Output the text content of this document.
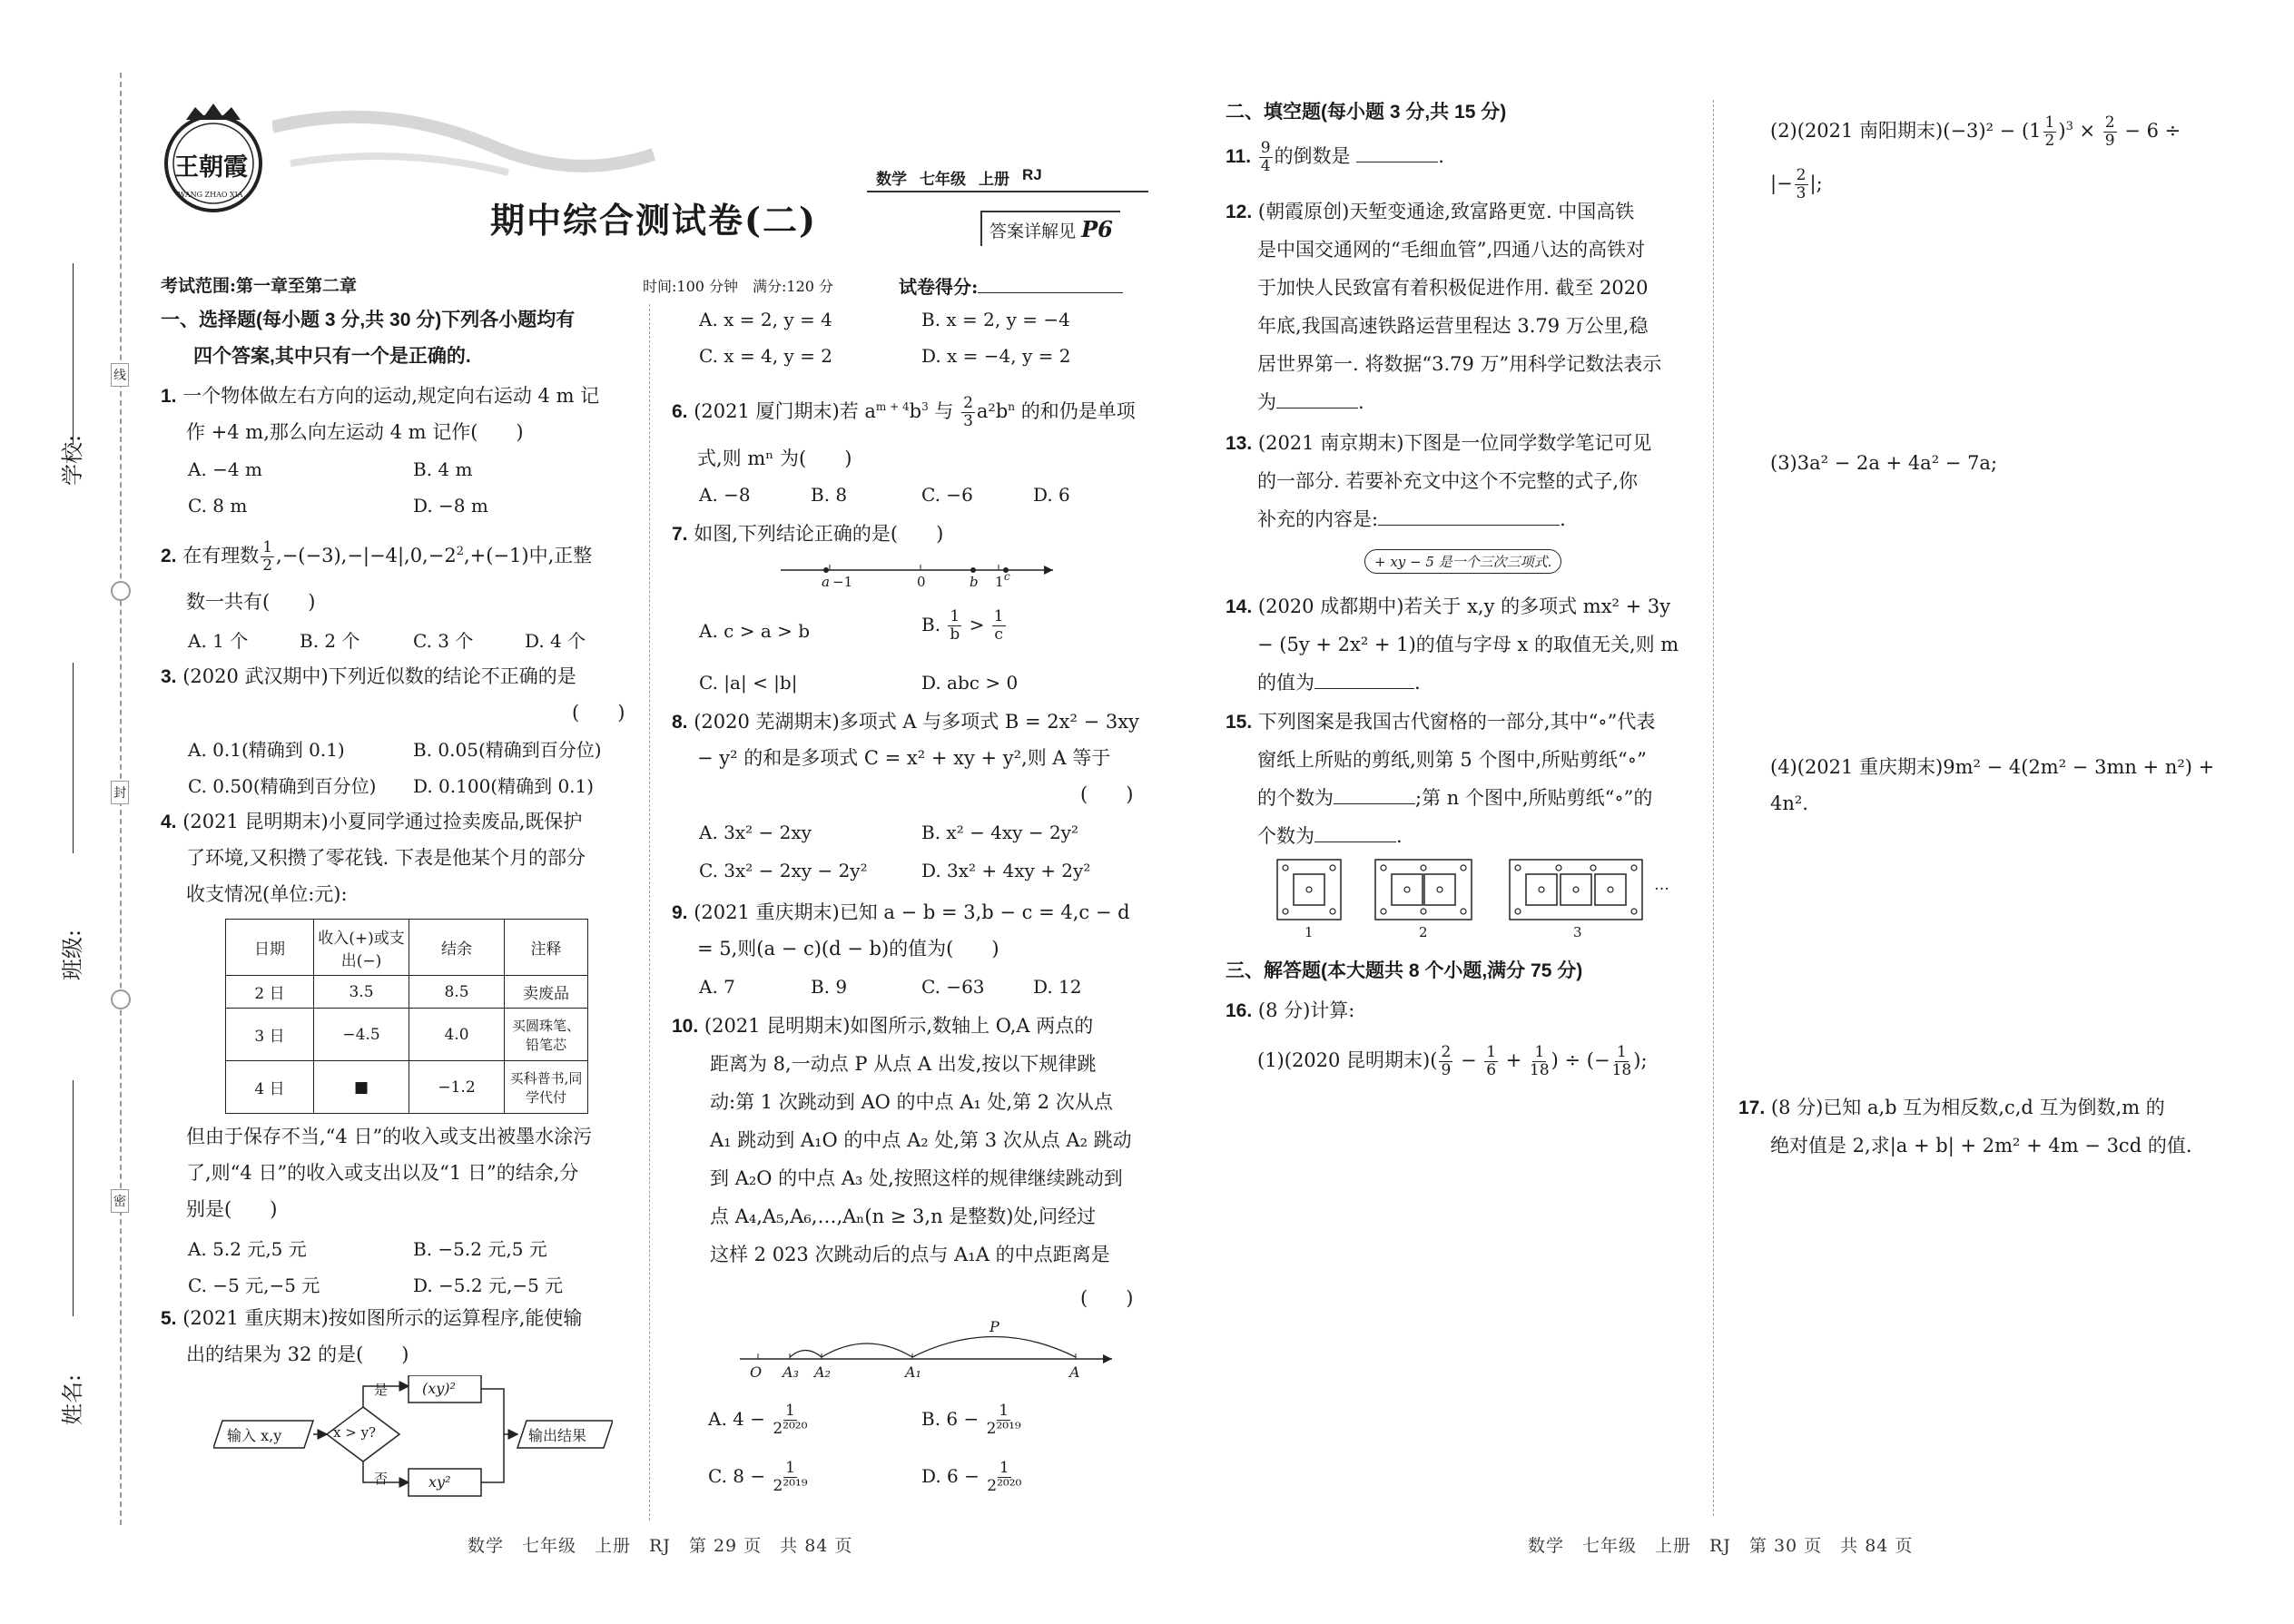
线
封
密
学校:
班级:
姓名:
王朝霞
WANG ZHAO XIA
数学 七年级 上册 RJ
期中综合测试卷(二)	答案详解见 P6
考试范围:第一章至第二章	时间:100 分钟　满分:120 分	试卷得分:
一、选择题(每小题 3 分,共 30 分)下列各小题均有
四个答案,其中只有一个是正确的.
1. 一个物体做左右方向的运动,规定向右运动 4 m 记
作 +4 m,那么向左运动 4 m 记作(　　)
A. −4 m	B. 4 m
C. 8 m	D. −8 m
2. 在有理数 $\frac{1}{2} ,-(-3),-|-4|,0,-2^2,+(-1)$中,正整
数一共有(　　)
A. 1 个	B. 2 个	C. 3 个	D. 4 个
3. (2020 武汉期中)下列近似数的结论不正确的是
(　　)
A. 0.1(精确到 0.1)	B. 0.05(精确到百分位)
C. 0.50(精确到百分位) D. 0.100(精确到 0.1)
4. (2021 昆明期末)小夏同学通过捡卖废品,既保护
了环境,又积攒了零花钱. 下表是他某个月的部分
收支情况(单位:元):
日期	收入(+)或支出(−)	结余	注释
2 日	3.5	8.5	卖废品
3 日	−4.5	4.0	买圆珠笔、铅笔芯
4 日	■	−1.2	买科普书,同学代付
但由于保存不当,“4 日”的收入或支出被墨水涂污
了,则“4 日”的收入或支出以及“1 日”的结余,分
别是(　　)
A. 5.2 元,5 元	B. −5.2 元,5 元
C. −5 元,−5 元	D. −5.2 元,−5 元
5. (2021 重庆期末)按如图所示的运算程序,能使输
出的结果为 32 的是(　　)
输入 x,y	x > y?
是
否
(xy)²
xy²
输出结果
A. x = 2, y = 4	B. x = 2, y = −4
C. x = 4, y = 2	D. x = −4, y = 2
6. (2021 厦门期末)若 $a^{m + 4}b^3$ 与 $\frac{2}{3} a^2b^n$ 的和仍是单项
式,则 mⁿ 为(　　)
A. −8	B. 8	C. −6	D. 6
7. 如图,下列结论正确的是(　　)
a −1	0	b 1 c
A. c > a > b	B. $\frac{1}{b} > \frac{1}{c}$
C. |a| < |b|	D. abc > 0
8. (2020 芜湖期末)多项式 A 与多项式 B = 2x² − 3xy
− y² 的和是多项式 C = x² + xy + y²,则 A 等于
(　　)
A. 3x² − 2xy	B. x² − 4xy − 2y²
C. 3x² − 2xy − 2y²	D. 3x² + 4xy + 2y²
9. (2021 重庆期末)已知 a − b = 3,b − c = 4,c − d
= 5,则(a − c)(d − b)的值为(　　)
A. 7	B. 9	C. −63	D. 12
10. (2021 昆明期末)如图所示,数轴上 O,A 两点的
距离为 8,一动点 P 从点 A 出发,按以下规律跳
动:第 1 次跳动到 AO 的中点 A₁ 处,第 2 次从点
A₁ 跳动到 A₁O 的中点 A₂ 处,第 3 次从点 A₂ 跳动
到 A₂O 的中点 A₃ 处,按照这样的规律继续跳动到
点 A₄,A₅,A₆,…,Aₙ(n ≥ 3,n 是整数)处,问经过
这样 2 023 次跳动后的点与 A₁A 的中点距离是
(　　)
O A₃ A₂	A₁	A
P
A. $4 - \frac{1}{\text{2²⁰²⁰}}$	B. $6 - \frac{1}{\text{2²⁰¹⁹}}$
C. $8 - \frac{1}{\text{2²⁰¹⁹}}$	D. $6 - \frac{1}{\text{2²⁰²⁰}}$
数学　七年级　上册　RJ　第 29 页　共 84 页
二、填空题(每小题 3 分,共 15 分)
11. $\frac{9}{4}$ 的倒数是	.
12. (朝霞原创)天堑变通途,致富路更宽. 中国高铁
是中国交通网的“毛细血管”,四通八达的高铁对
于加快人民致富有着积极促进作用. 截至 2020
年底,我国高速铁路运营里程达 3.79 万公里,稳
居世界第一. 将数据“3.79 万”用科学记数法表示
为	.
13. (2021 南京期末)下图是一位同学数学笔记可见
的一部分. 若要补充文中这个不完整的式子,你
补充的内容是:	.
+ xy − 5 是一个三次三项式.
14. (2020 成都期中)若关于 x,y 的多项式 mx² + 3y
− (5y + 2x² + 1)的值与字母 x 的取值无关,则 m
的值为	.
15. 下列图案是我国古代窗格的一部分,其中“∘”代表
窗纸上所贴的剪纸,则第 5 个图中,所贴剪纸“∘”
的个数为	;第 n 个图中,所贴剪纸“∘”的
个数为	.
1	2	3
…
三、解答题(本大题共 8 个小题,满分 75 分)
16. (8 分)计算:
(1)(2020 昆明期末)( $\frac{2}{9} - \frac{1}{6} + \frac{1}{18}$ ) ÷ (− $\frac{1}{18}$ );
(2)(2021 南阳期末)$(-3)^2 - (1 \frac{1}{2} )^3 \times \frac{2}{9} - 6$ ÷
|− $\frac{2}{3}$ |;
(3)3a² − 2a + 4a² − 7a;
(4)(2021 重庆期末)9m² − 4(2m² − 3mn + n²) +
4n².
17. (8 分)已知 a,b 互为相反数,c,d 互为倒数,m 的
绝对值是 2,求|a + b| + 2m² + 4m − 3cd 的值.
数学　七年级　上册　RJ　第 30 页　共 84 页
